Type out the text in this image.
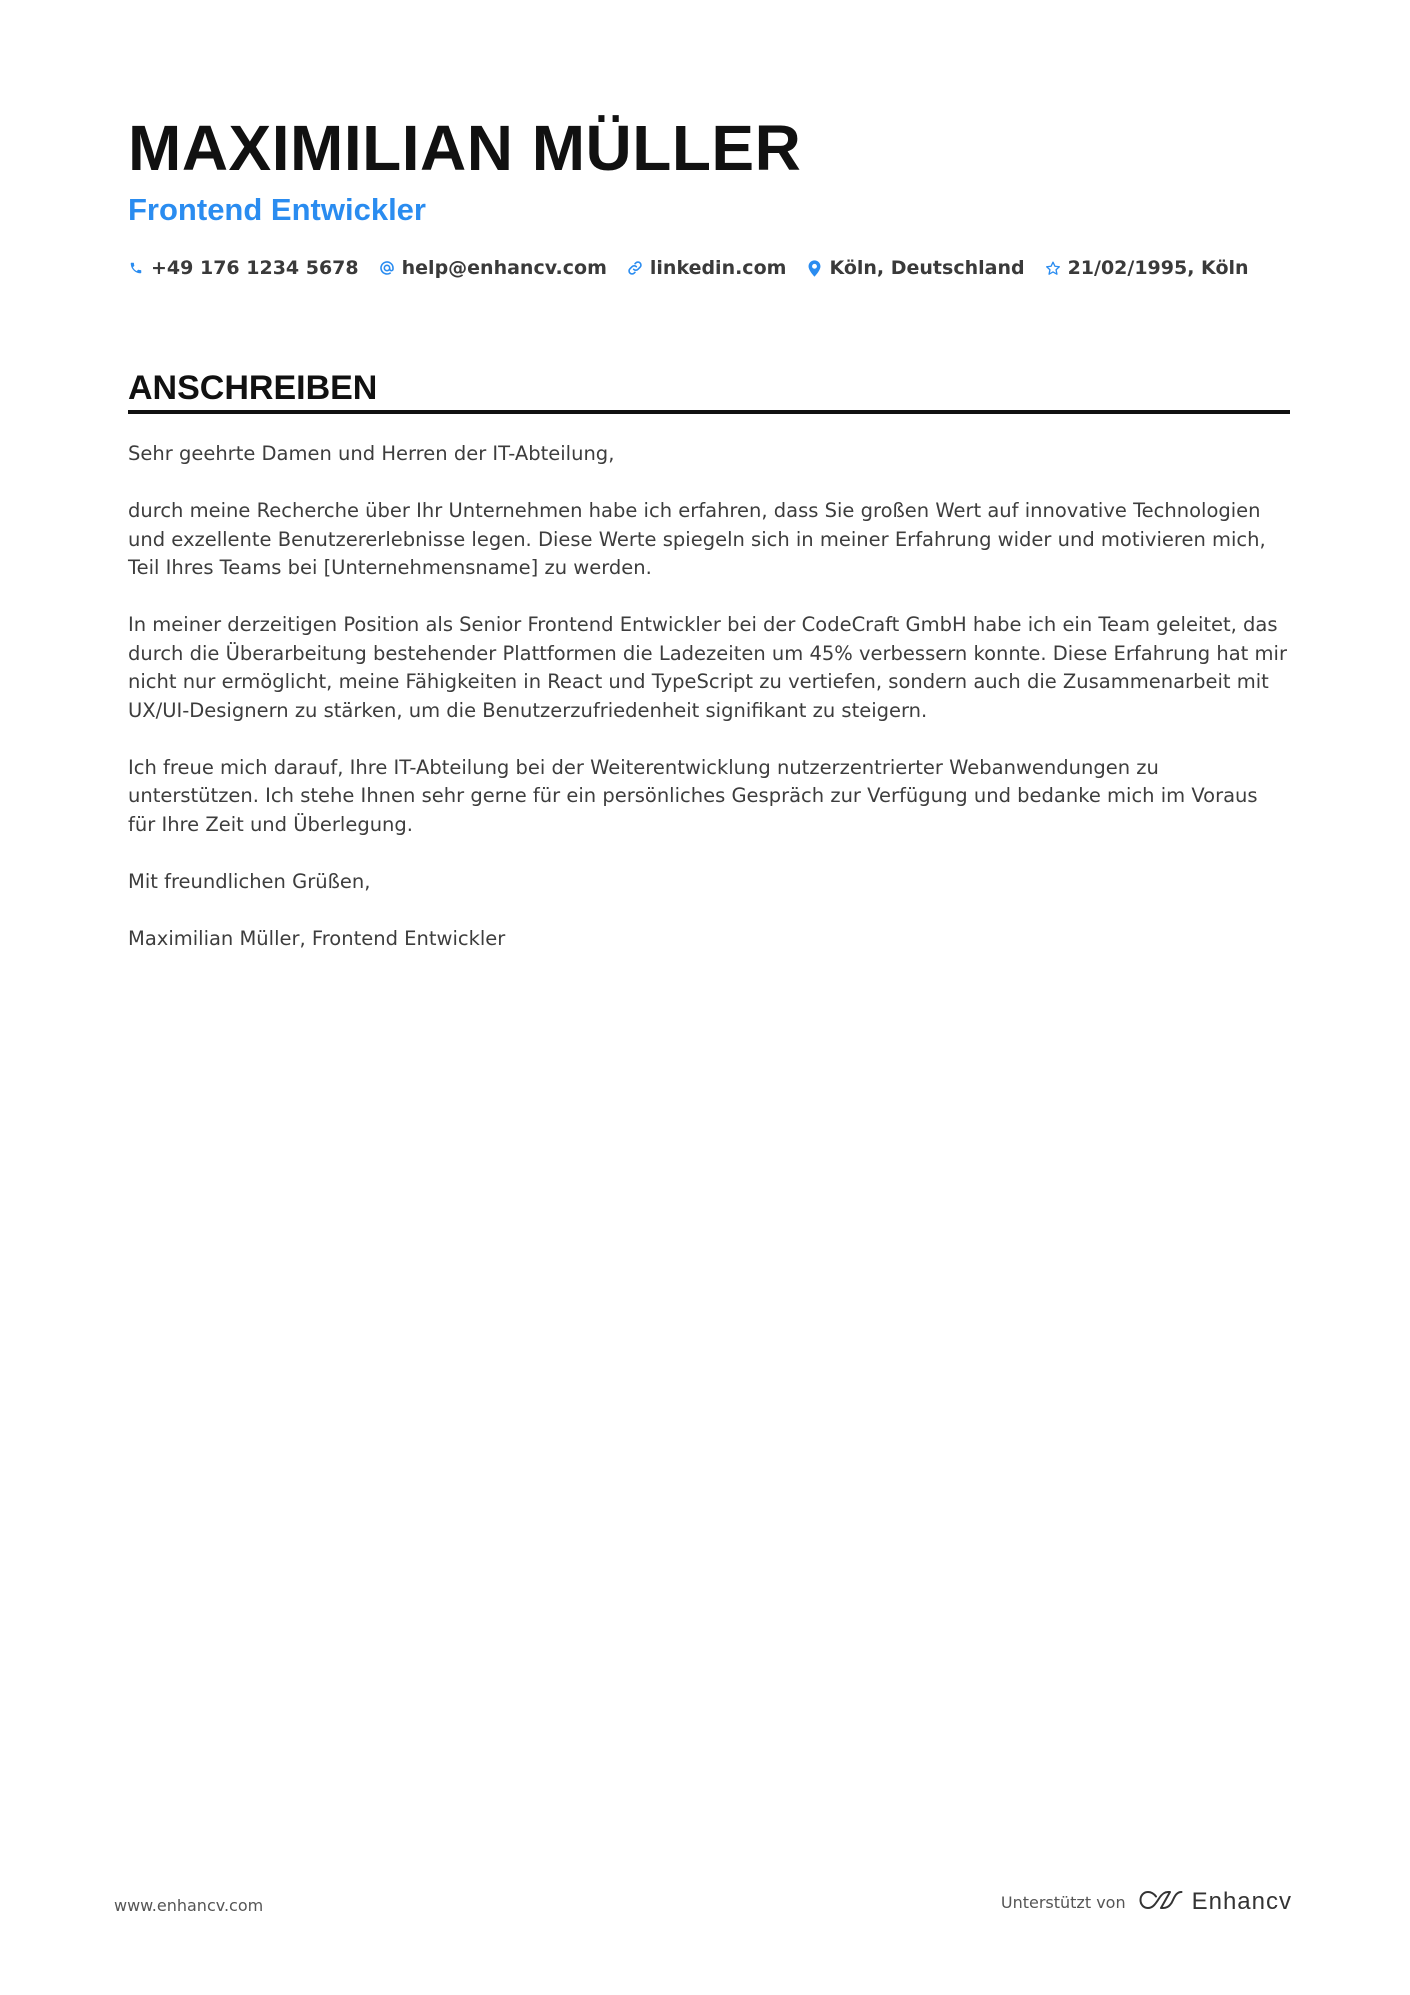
MAXIMILIAN MÜLLER
Frontend Entwickler
+49 176 1234 5678 help@enhancv.com linkedin.com Köln, Deutschland 21/02/1995, Köln
ANSCHREIBEN

Sehr geehrte Damen und Herren der IT-Abteilung,

durch meine Recherche über Ihr Unternehmen habe ich erfahren, dass Sie großen Wert auf innovative Technologien und exzellente Benutzererlebnisse legen. Diese Werte spiegeln sich in meiner Erfahrung wider und motivieren mich, Teil Ihres Teams bei [Unternehmensname] zu werden.

In meiner derzeitigen Position als Senior Frontend Entwickler bei der CodeCraft GmbH habe ich ein Team geleitet, das durch die Überarbeitung bestehender Plattformen die Ladezeiten um 45% verbessern konnte. Diese Erfahrung hat mir nicht nur ermöglicht, meine Fähigkeiten in React und TypeScript zu vertiefen, sondern auch die Zusammenarbeit mit UX/UI-Designern zu stärken, um die Benutzerzufriedenheit signifikant zu steigern.

Ich freue mich darauf, Ihre IT-Abteilung bei der Weiterentwicklung nutzerzentrierter Webanwendungen zu unterstützen. Ich stehe Ihnen sehr gerne für ein persönliches Gespräch zur Verfügung und bedanke mich im Voraus für Ihre Zeit und Überlegung.

Mit freundlichen Grüßen,

Maximilian Müller, Frontend Entwickler

www.enhancv.com	Unterstützt von	Enhancv
